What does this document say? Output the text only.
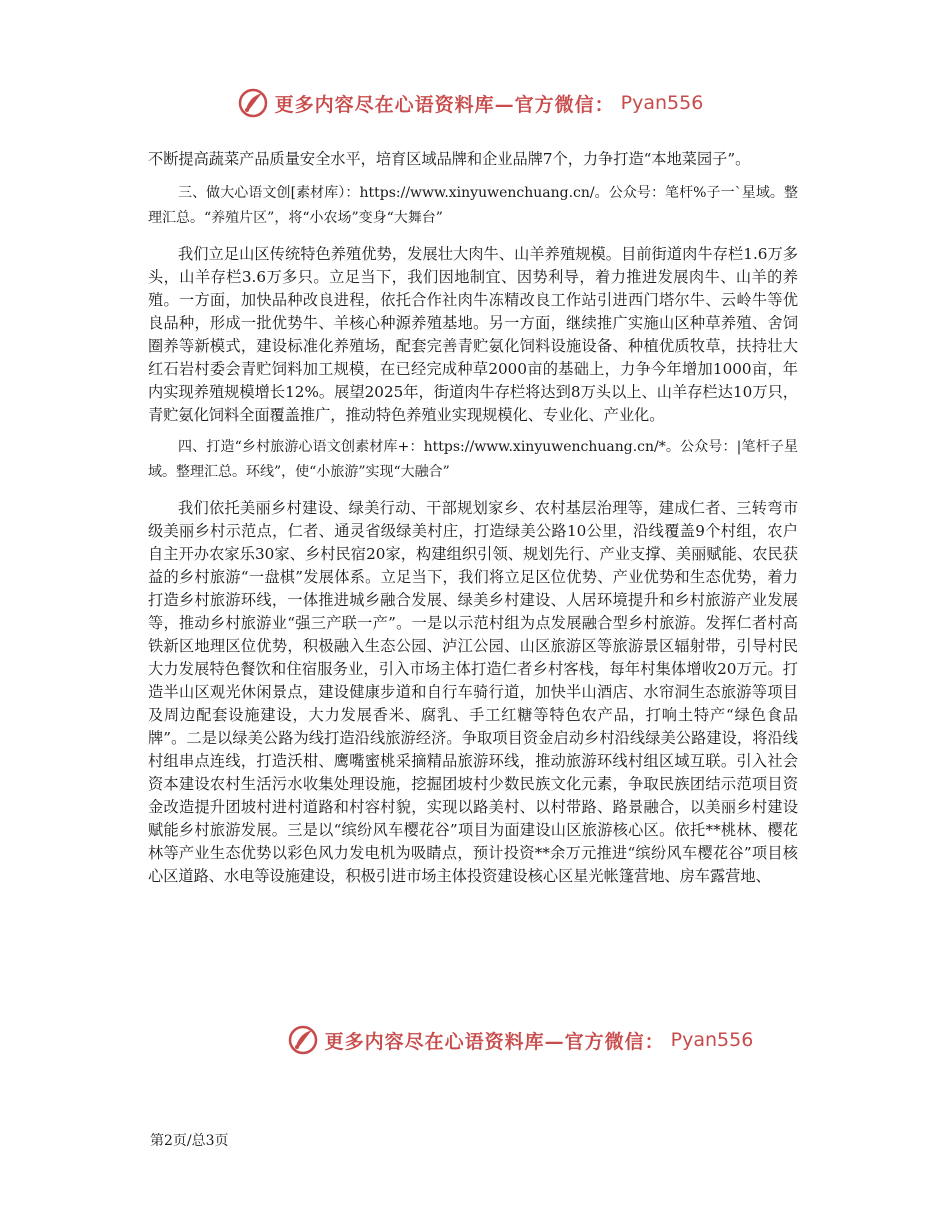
更多内容尽在心语资料库—官方微信： Pyan556

不断提高蔬菜产品质量安全水平，培育区域品牌和企业品牌7个，力争打造“本地菜园子”。

三、做大心语文创[素材库）：https://www.xinyuwenchuang.cn/。公众号：笔杆%子一`星域。整理汇总。“养殖片区”，将“小农场”变身“大舞台”

我们立足山区传统特色养殖优势，发展壮大肉牛、山羊养殖规模。目前街道肉牛存栏1.6万多头，山羊存栏3.6万多只。立足当下，我们因地制宜、因势利导，着力推进发展肉牛、山羊的养殖。一方面，加快品种改良进程，依托合作社肉牛冻精改良工作站引进西门塔尔牛、云岭牛等优良品种，形成一批优势牛、羊核心种源养殖基地。另一方面，继续推广实施山区种草养殖、舍饲圈养等新模式，建设标准化养殖场，配套完善青贮氨化饲料设施设备、种植优质牧草，扶持壮大红石岩村委会青贮饲料加工规模，在已经完成种草2000亩的基础上，力争今年增加1000亩，年内实现养殖规模增长12%。展望2025年，街道肉牛存栏将达到8万头以上、山羊存栏达10万只，青贮氨化饲料全面覆盖推广，推动特色养殖业实现规模化、专业化、产业化。

四、打造“乡村旅游心语文创素材库+：https://www.xinyuwenchuang.cn/*。公众号：|笔杆子星域。整理汇总。环线”，使“小旅游”实现“大融合”

我们依托美丽乡村建设、绿美行动、干部规划家乡、农村基层治理等，建成仁者、三转弯市级美丽乡村示范点，仁者、通灵省级绿美村庄，打造绿美公路10公里，沿线覆盖9个村组，农户自主开办农家乐30家、乡村民宿20家，构建组织引领、规划先行、产业支撑、美丽赋能、农民获益的乡村旅游“一盘棋”发展体系。立足当下，我们将立足区位优势、产业优势和生态优势，着力打造乡村旅游环线，一体推进城乡融合发展、绿美乡村建设、人居环境提升和乡村旅游产业发展等，推动乡村旅游业“强三产联一产”。一是以示范村组为点发展融合型乡村旅游。发挥仁者村高铁新区地理区位优势，积极融入生态公园、泸江公园、山区旅游区等旅游景区辐射带，引导村民大力发展特色餐饮和住宿服务业，引入市场主体打造仁者乡村客栈，每年村集体增收20万元。打造半山区观光休闲景点，建设健康步道和自行车骑行道，加快半山酒店、水帘洞生态旅游等项目及周边配套设施建设，大力发展香米、腐乳、手工红糖等特色农产品，打响土特产“绿色食品牌”。二是以绿美公路为线打造沿线旅游经济。争取项目资金启动乡村沿线绿美公路建设，将沿线村组串点连线，打造沃柑、鹰嘴蜜桃采摘精品旅游环线，推动旅游环线村组区域互联。引入社会资本建设农村生活污水收集处理设施，挖掘团坡村少数民族文化元素，争取民族团结示范项目资金改造提升团坡村进村道路和村容村貌，实现以路美村、以村带路、路景融合，以美丽乡村建设赋能乡村旅游发展。三是以“缤纷风车樱花谷”项目为面建设山区旅游核心区。依托**桃林、樱花林等产业生态优势以彩色风力发电机为吸睛点，预计投资**余万元推进“缤纷风车樱花谷”项目核心区道路、水电等设施建设，积极引进市场主体投资建设核心区星光帐篷营地、房车露营地、

更多内容尽在心语资料库—官方微信： Pyan556
第2页/总3页
